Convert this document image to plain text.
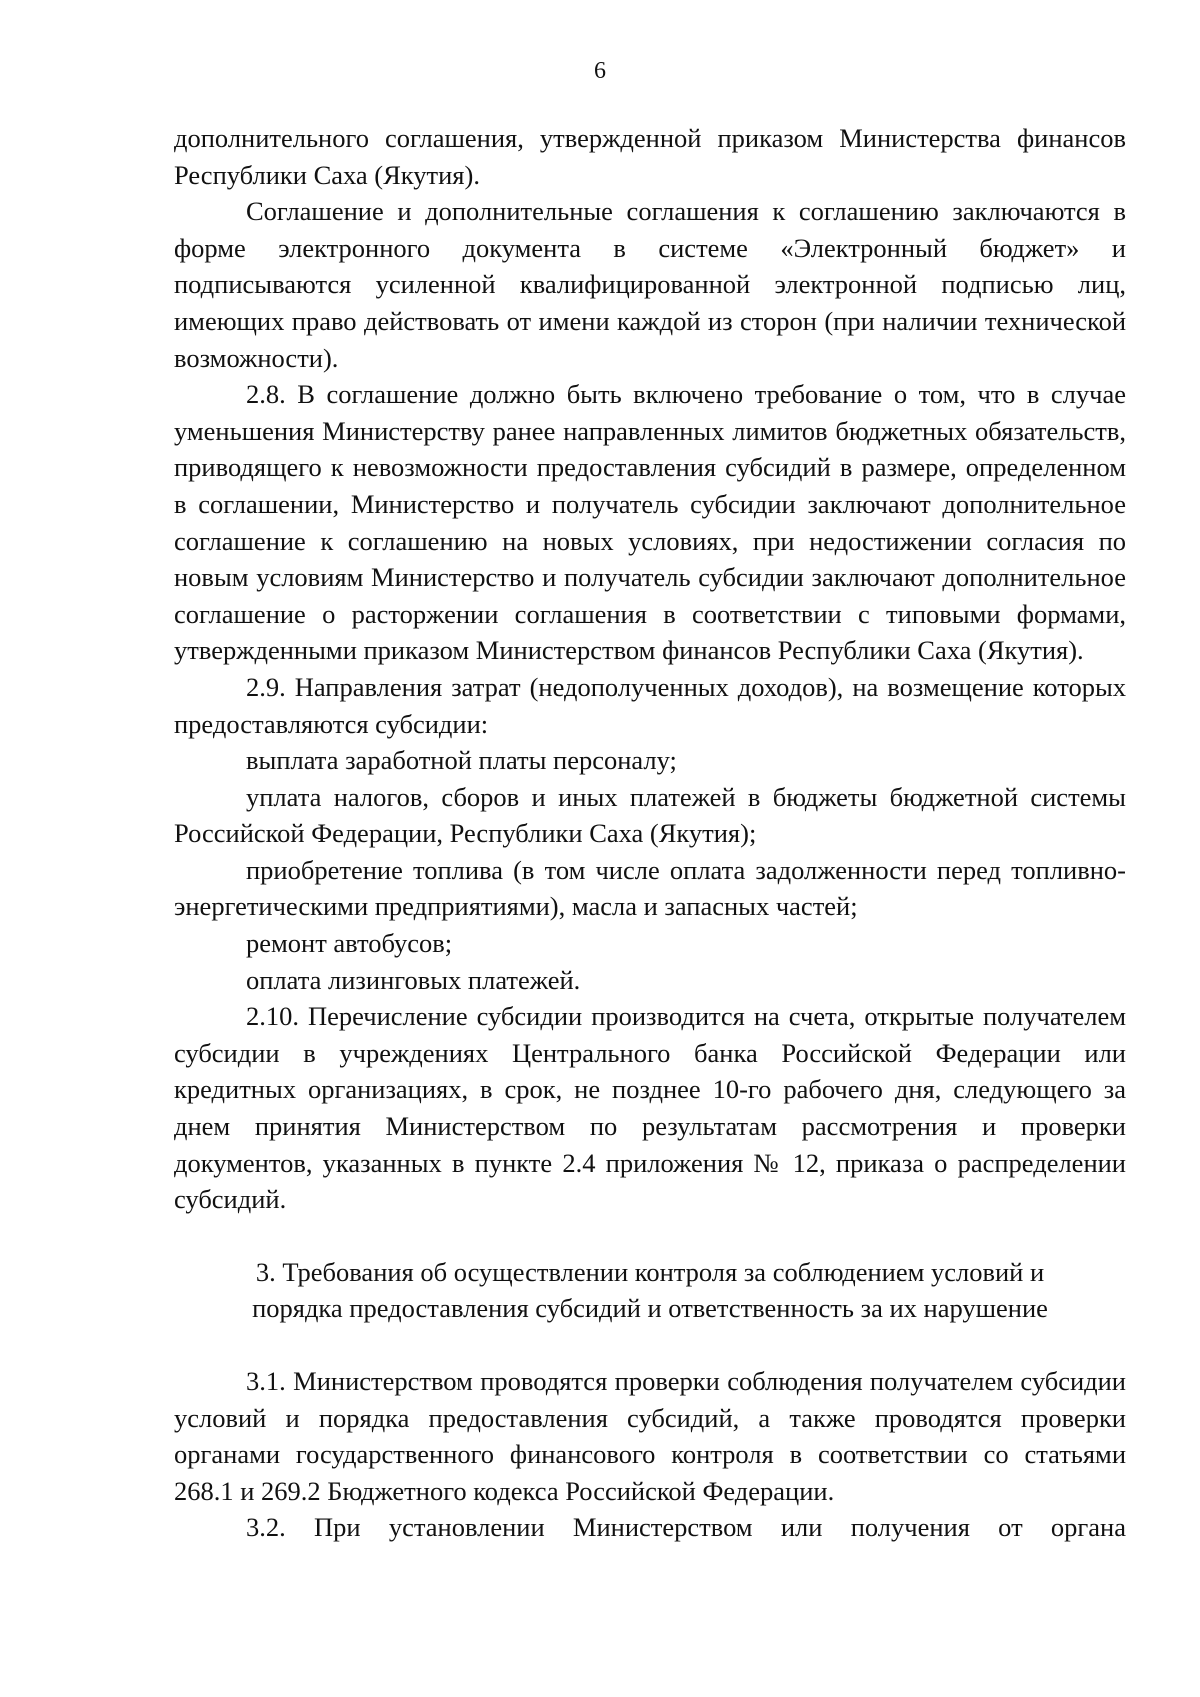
6

дополнительного соглашения, утвержденной приказом Министерства финансов Республики Саха (Якутия).

Соглашение и дополнительные соглашения к соглашению заключаются в форме электронного документа в системе «Электронный бюджет» и подписываются усиленной квалифицированной электронной подписью лиц, имеющих право действовать от имени каждой из сторон (при наличии технической возможности).

2.8. В соглашение должно быть включено требование о том, что в случае уменьшения Министерству ранее направленных лимитов бюджетных обязательств, приводящего к невозможности предоставления субсидий в размере, определенном в соглашении, Министерство и получатель субсидии заключают дополнительное соглашение к соглашению на новых условиях, при недостижении согласия по новым условиям Министерство и получатель субсидии заключают дополнительное соглашение о расторжении соглашения в соответствии с типовыми формами, утвержденными приказом Министерством финансов Республики Саха (Якутия).

2.9. Направления затрат (недополученных доходов), на возмещение которых предоставляются субсидии:

выплата заработной платы персоналу;

уплата налогов, сборов и иных платежей в бюджеты бюджетной системы Российской Федерации, Республики Саха (Якутия);

приобретение топлива (в том числе оплата задолженности перед топливно-энергетическими предприятиями), масла и запасных частей;

ремонт автобусов;

оплата лизинговых платежей.

2.10. Перечисление субсидии производится на счета, открытые получателем субсидии в учреждениях Центрального банка Российской Федерации или кредитных организациях, в срок, не позднее 10-го рабочего дня, следующего за днем принятия Министерством по результатам рассмотрения и проверки документов, указанных в пункте 2.4 приложения № 12, приказа о распределении субсидий.

3. Требования об осуществлении контроля за соблюдением условий и
порядка предоставления субсидий и ответственность за их нарушение

3.1. Министерством проводятся проверки соблюдения получателем субсидии условий и порядка предоставления субсидий, а также проводятся проверки органами государственного финансового контроля в соответствии со статьями 268.1 и 269.2 Бюджетного кодекса Российской Федерации.

3.2. При установлении Министерством или получения от органа
